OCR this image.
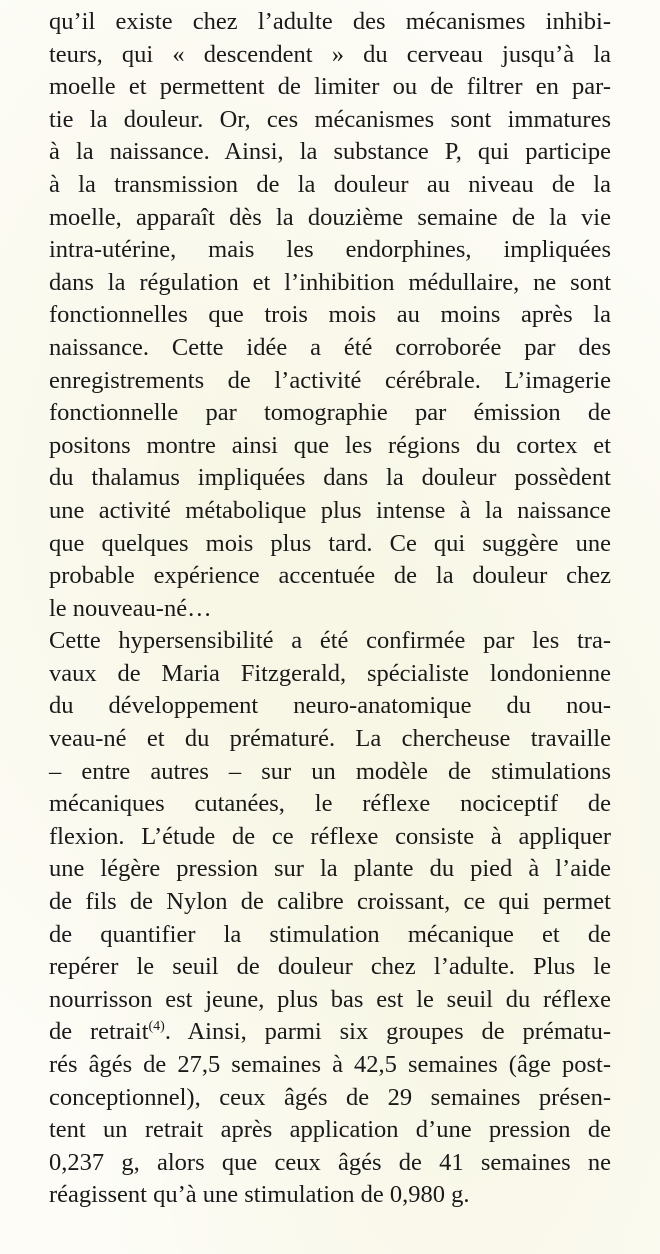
qu’il existe chez l’adulte des mécanismes inhibi-
teurs, qui « descendent » du cerveau jusqu’à la
moelle et permettent de limiter ou de filtrer en par-
tie la douleur. Or, ces mécanismes sont immatures
à la naissance. Ainsi, la substance P, qui participe
à la transmission de la douleur au niveau de la
moelle, apparaît dès la douzième semaine de la vie
intra-utérine, mais les endorphines, impliquées
dans la régulation et l’inhibition médullaire, ne sont
fonctionnelles que trois mois au moins après la
naissance. Cette idée a été corroborée par des
enregistrements de l’activité cérébrale. L’imagerie
fonctionnelle par tomographie par émission de
positons montre ainsi que les régions du cortex et
du thalamus impliquées dans la douleur possèdent
une activité métabolique plus intense à la naissance
que quelques mois plus tard. Ce qui suggère une
probable expérience accentuée de la douleur chez
le nouveau-né…
Cette hypersensibilité a été confirmée par les tra-
vaux de Maria Fitzgerald, spécialiste londonienne
du développement neuro-anatomique du nou-
veau-né et du prématuré. La chercheuse travaille
– entre autres – sur un modèle de stimulations
mécaniques cutanées, le réflexe nociceptif de
flexion. L’étude de ce réflexe consiste à appliquer
une légère pression sur la plante du pied à l’aide
de fils de Nylon de calibre croissant, ce qui permet
de quantifier la stimulation mécanique et de
repérer le seuil de douleur chez l’adulte. Plus le
nourrisson est jeune, plus bas est le seuil du réflexe
de retrait$^{(4)}$. Ainsi, parmi six groupes de prématu-
rés âgés de 27,5 semaines à 42,5 semaines (âge post-
conceptionnel), ceux âgés de 29 semaines présen-
tent un retrait après application d’une pression de
0,237 g, alors que ceux âgés de 41 semaines ne
réagissent qu’à une stimulation de 0,980 g.
